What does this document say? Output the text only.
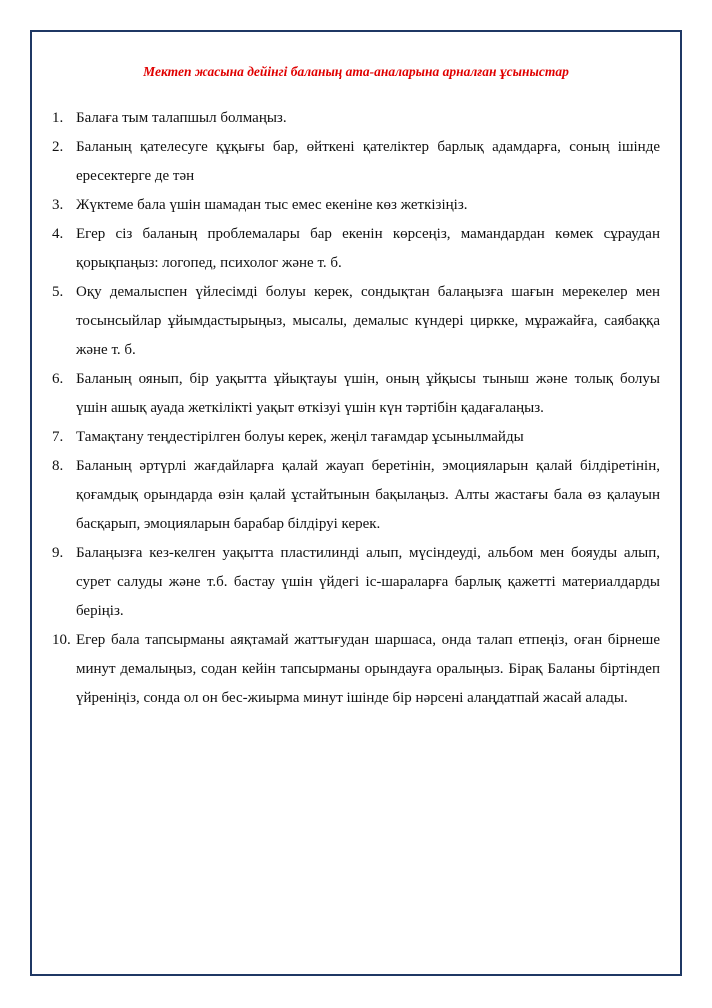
Мектеп жасына дейінгі баланың ата-аналарына арналған ұсыныстар
1. Балаға тым талапшыл болмаңыз.
2. Баланың қателесуге құқығы бар, өйткені қателіктер барлық адамдарға, соның ішінде ересектерге де тән
3. Жүктеме бала үшін шамадан тыс емес екеніне көз жеткізіңіз.
4. Егер сіз баланың проблемалары бар екенін көрсеңіз, мамандардан көмек сұраудан қорықпаңыз: логопед, психолог және т. б.
5. Оқу демалыспен үйлесімді болуы керек, сондықтан балаңызға шағын мерекелер мен тосынсыйлар ұйымдастырыңыз, мысалы, демалыс күндері циркке, мұражайға, саябаққа және т. б.
6. Баланың оянып, бір уақытта ұйықтауы үшін, оның ұйқысы тыныш және толық болуы үшін ашық ауада жеткілікті уақыт өткізуі үшін күн тәртібін қадағалаңыз.
7. Тамақтану теңдестірілген болуы керек, жеңіл тағамдар ұсынылмайды
8. Баланың әртүрлі жағдайларға қалай жауап беретінін, эмоцияларын қалай білдіретінін, қоғамдық орындарда өзін қалай ұстайтынын бақылаңыз. Алты жастағы бала өз қалауын басқарып, эмоцияларын барабар білдіруі керек.
9. Балаңызға кез-келген уақытта пластилинді алып, мүсіндеуді, альбом мен бояуды алып, сурет салуды және т.б. бастау үшін үйдегі іс-шараларға барлық қажетті материалдарды беріңіз.
10. Егер бала тапсырманы аяқтамай жаттығудан шаршаса, онда талап етпеңіз, оған бірнеше минут демалыңыз, содан кейін тапсырманы орындауға оралыңыз. Бірақ Баланы біртіндеп үйреніңіз, сонда ол он бес-жиырма минут ішінде бір нәрсені алаңдатпай жасай алады.
